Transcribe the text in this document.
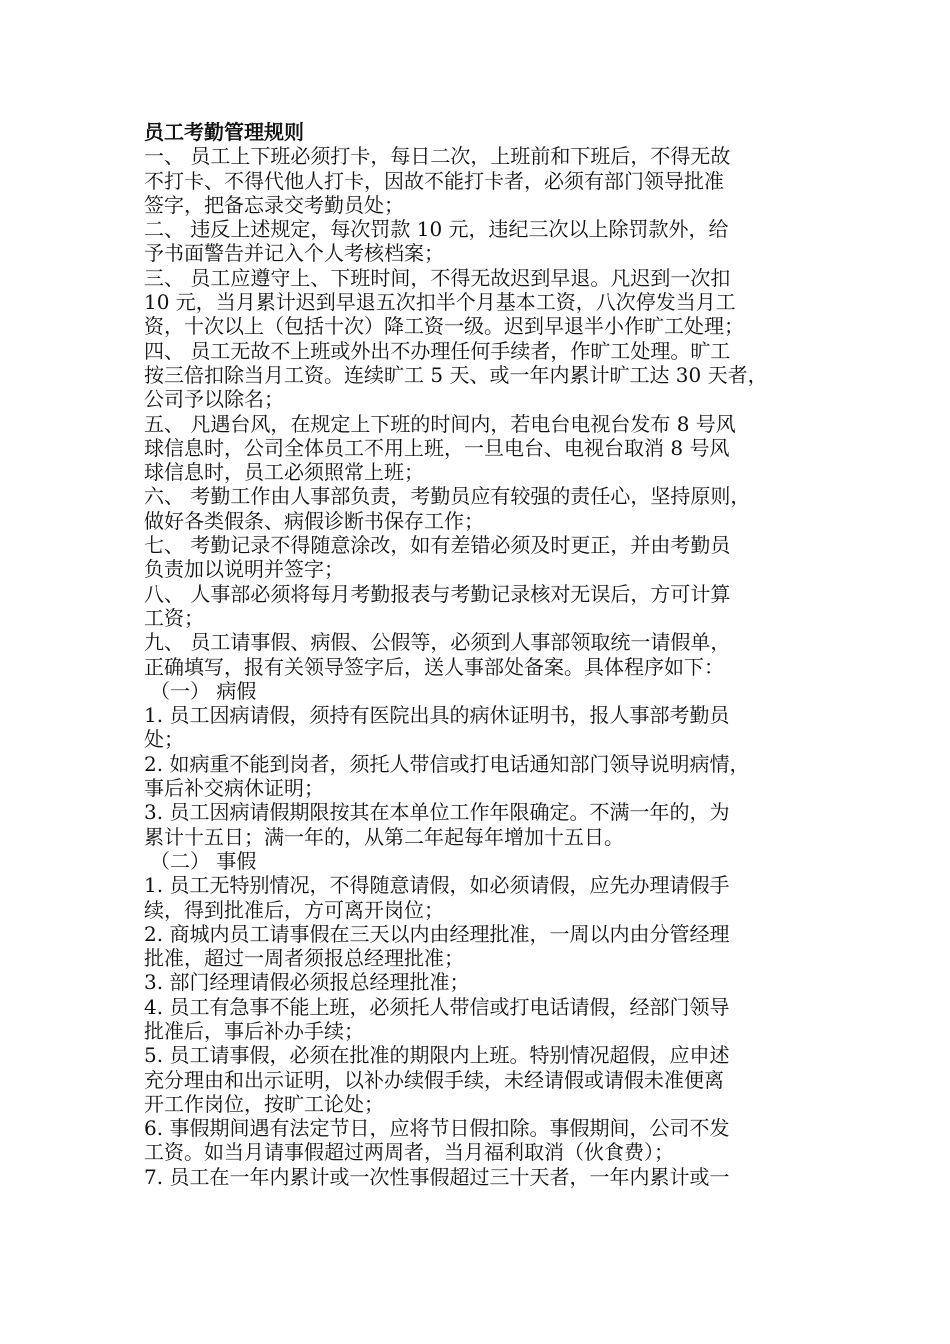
员工考勤管理规则

一、 员工上下班必须打卡，每日二次，上班前和下班后，不得无故

不打卡、不得代他人打卡，因故不能打卡者，必须有部门领导批准

签字，把备忘录交考勤员处；

二、 违反上述规定，每次罚款 10 元，违纪三次以上除罚款外，给

予书面警告并记入个人考核档案；

三、 员工应遵守上、下班时间，不得无故迟到早退。凡迟到一次扣

10 元，当月累计迟到早退五次扣半个月基本工资，八次停发当月工

资，十次以上（包括十次）降工资一级。迟到早退半小作旷工处理；

四、 员工无故不上班或外出不办理任何手续者，作旷工处理。旷工

按三倍扣除当月工资。连续旷工 5 天、或一年内累计旷工达 30 天者，

公司予以除名；

五、 凡遇台风，在规定上下班的时间内，若电台电视台发布 8 号风

球信息时，公司全体员工不用上班，一旦电台、电视台取消 8 号风

球信息时，员工必须照常上班；

六、 考勤工作由人事部负责，考勤员应有较强的责任心，坚持原则，

做好各类假条、病假诊断书保存工作；

七、 考勤记录不得随意涂改，如有差错必须及时更正，并由考勤员

负责加以说明并签字；

八、 人事部必须将每月考勤报表与考勤记录核对无误后，方可计算

工资；

九、 员工请事假、病假、公假等，必须到人事部领取统一请假单，

正确填写，报有关领导签字后，送人事部处备案。具体程序如下：

（一） 病假

1. 员工因病请假，须持有医院出具的病休证明书，报人事部考勤员

处；

2. 如病重不能到岗者，须托人带信或打电话通知部门领导说明病情，

事后补交病休证明；

3. 员工因病请假期限按其在本单位工作年限确定。不满一年的，为

累计十五日；满一年的，从第二年起每年增加十五日。

（二） 事假

1. 员工无特别情况，不得随意请假，如必须请假，应先办理请假手

续，得到批准后，方可离开岗位；

2. 商城内员工请事假在三天以内由经理批准，一周以内由分管经理

批准，超过一周者须报总经理批准；

3. 部门经理请假必须报总经理批准；

4. 员工有急事不能上班，必须托人带信或打电话请假，经部门领导

批准后，事后补办手续；

5. 员工请事假，必须在批准的期限内上班。特别情况超假，应申述

充分理由和出示证明，以补办续假手续，未经请假或请假未准便离

开工作岗位，按旷工论处；

6. 事假期间遇有法定节日，应将节日假扣除。事假期间，公司不发

工资。如当月请事假超过两周者，当月福利取消（伙食费）；

7. 员工在一年内累计或一次性事假超过三十天者，一年内累计或一
